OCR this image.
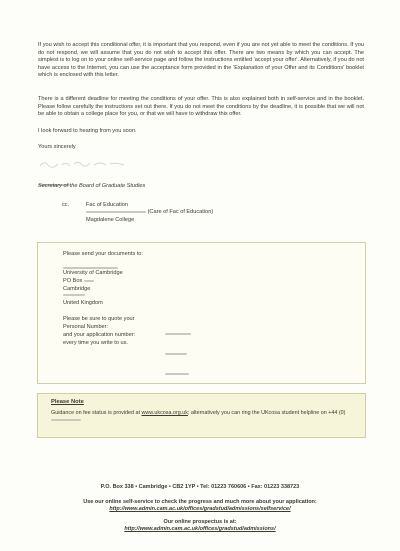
If you wish to accept this conditional offer, it is important that you respond, even if you are not yet able to meet the conditions. If you do not respond, we will assume that you do not wish to accept this offer. There are two means by which you can accept. The simplest is to log on to your online self-service page and follow the instructions entitled 'accept your offer'. Alternatively, if you do not have access to the Internet, you can use the acceptance form provided in the 'Explanation of your Offer and its Conditions' booklet which is enclosed with this letter.
There is a different deadline for meeting the conditions of your offer. This is also explained both in self-service and in the booklet. Please follow carefully the instructions set out there. If you do not meet the conditions by the deadline, it is possible that we will not be able to obtain a college place for you, or that we will have to withdraw this offer.
I look forward to hearing from you soon.
Yours sincerely
Secretary of the Board of Graduate Studies
cc.	Fac of Education
(Care of Fac of Education)
Magdalene College
Please send your documents to:
University of Cambridge
PO Box
Cambridge
United Kingdom
Please be sure to quote your
Personal Number:
and your application number:
every time you write to us.
Please Note
Guidance on fee status is provided at www.ukcosa.org.uk; alternatively you can ring the UKcosa student helpline on +44 (0)
P.O. Box 338 • Cambridge • CB2 1YP • Tel: 01223 760606 • Fax: 01223 338723
Use our online self-service to check the progress and much more about your application:
http://www.admin.cam.ac.uk/offices/gradstud/admissions/selfservice/
Our online prospectus is at:
http://www.admin.cam.ac.uk/offices/gradstud/admissions/
